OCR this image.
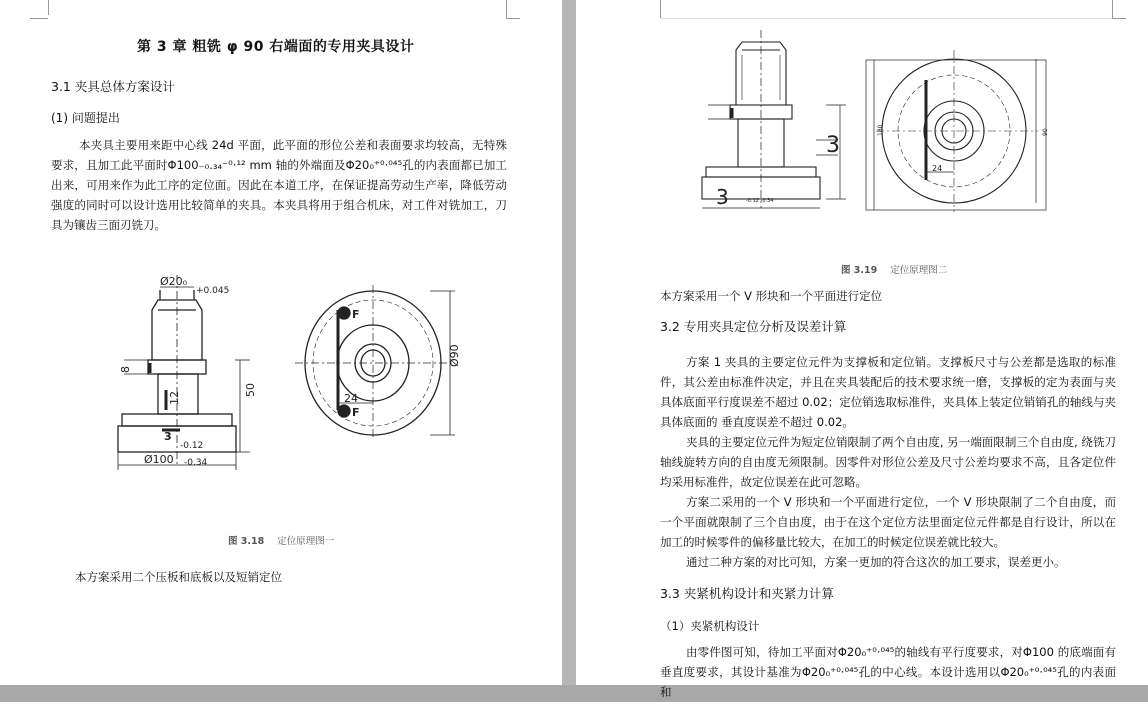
第 3 章 粗铣 φ 90 右端面的专用夹具设计
3.1 夹具总体方案设计
(1) 问题提出
本夹具主要用来距中心线 24d 平面，此平面的形位公差和表面要求均较高，无特殊要求，且加工此平面时Φ100₋₀.₃₄⁻⁰·¹² mm 轴的外端面及Φ20₀⁺⁰·⁰⁴⁵孔的内表面都已加工出来，可用来作为此工序的定位面。因此在本道工序，在保证提高劳动生产率，降低劳动强度的同时可以设计选用比较简单的夹具。本夹具将用于组合机床，对工件对铣加工，刀具为镶齿三面刃铣刀。
+0.045
Ø20₀
8
50
12
3
-0.12
Ø100 -0.34
F
F
Ø90
24
图 3.18 定位原理图一
本方案采用二个压板和底板以及短销定位
3
3	-0.12 -0.34
24
90
180
图 3.19 定位原理图二
本方案采用一个 V 形块和一个平面进行定位
3.2 专用夹具定位分析及误差计算
方案 1 夹具的主要定位元件为支撑板和定位销。支撑板尺寸与公差都是选取的标准件，其公差由标准件决定，并且在夹具装配后的技术要求统一磨，支撑板的定为表面与夹具体底面平行度误差不超过 0.02；定位销选取标准件，夹具体上装定位销销孔的轴线与夹具体底面的 垂直度误差不超过 0.02。
夹具的主要定位元件为短定位销限制了两个自由度, 另一端面限制三个自由度, 绕铣刀轴线旋转方向的自由度无须限制。因零件对形位公差及尺寸公差均要求不高，且各定位件均采用标准件，故定位误差在此可忽略。
方案二采用的一个 V 形块和一个平面进行定位，一个 V 形块限制了二个自由度，而一个平面就限制了三个自由度，由于在这个定位方法里面定位元件都是自行设计，所以在加工的时候零件的偏移量比较大，在加工的时候定位误差就比较大。
通过二种方案的对比可知，方案一更加的符合这次的加工要求，误差更小。
3.3 夹紧机构设计和夹紧力计算
（1）夹紧机构设计
由零件图可知，待加工平面对Φ20₀⁺⁰·⁰⁴⁵的轴线有平行度要求，对Φ100 的底端面有垂直度要求，其设计基准为Φ20₀⁺⁰·⁰⁴⁵孔的中心线。本设计选用以Φ20₀⁺⁰·⁰⁴⁵孔的内表面和
